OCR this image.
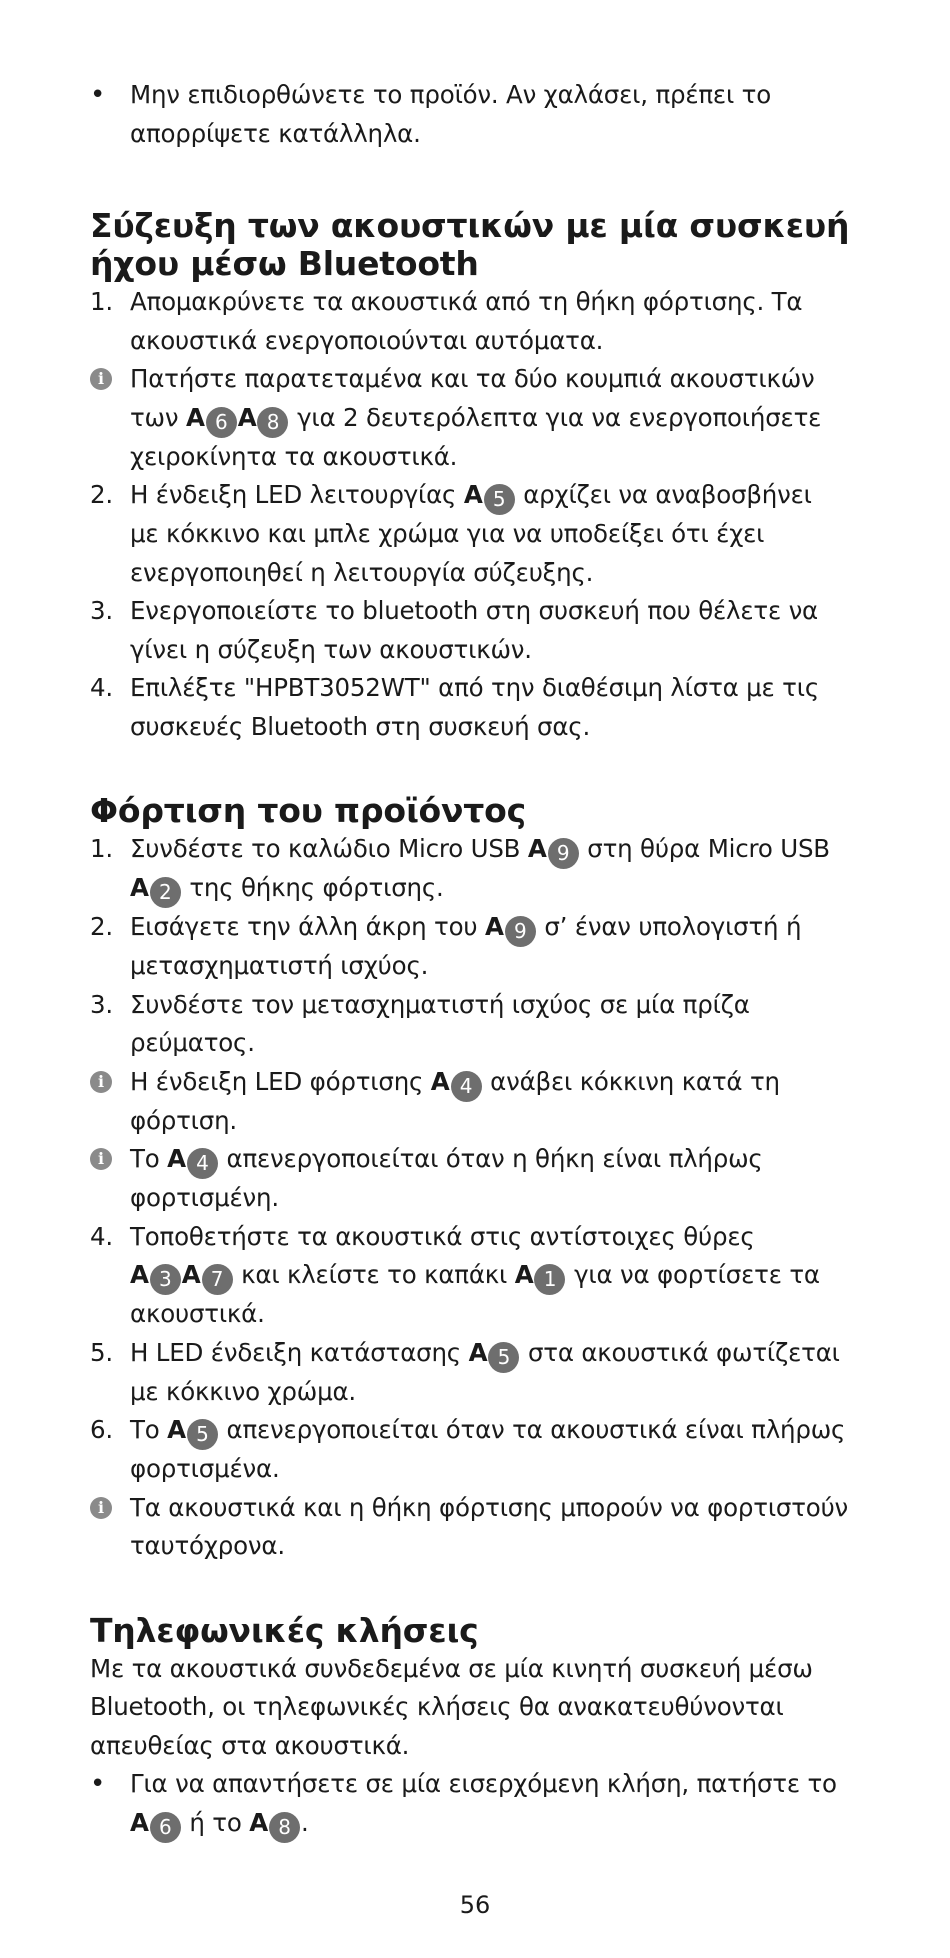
•	Μην επιδιορθώνετε το προϊόν. Αν χαλάσει, πρέπει το
απορρίψετε κατάλληλα.
Σύζευξη των ακουστικών με μία συσκευή
ήχου μέσω Bluetooth
1. Απομακρύνετε τα ακουστικά από τη θήκη φόρτισης. Τα
ακουστικά ενεργοποιούνται αυτόματα.
i	Πατήστε παρατεταμένα και τα δύο κουμπιά ακουστικών
των A 6 A 8 για 2 δευτερόλεπτα για να ενεργοποιήσετε
χειροκίνητα τα ακουστικά.
2. Η ένδειξη LED λειτουργίας A 5 αρχίζει να αναβοσβήνει
με κόκκινο και μπλε χρώμα για να υποδείξει ότι έχει
ενεργοποιηθεί η λειτουργία σύζευξης.
3. Ενεργοποιείστε το bluetooth στη συσκευή που θέλετε να
γίνει η σύζευξη των ακουστικών.
4. Επιλέξτε "HPBT3052WT" από την διαθέσιμη λίστα με τις
συσκευές Bluetooth στη συσκευή σας.
Φόρτιση του προϊόντος
1. Συνδέστε το καλώδιο Micro USB A 9 στη θύρα Micro USB
A 2 της θήκης φόρτισης.
2. Εισάγετε την άλλη άκρη του A 9 σ’ έναν υπολογιστή ή
μετασχηματιστή ισχύος.
3. Συνδέστε τον μετασχηματιστή ισχύος σε μία πρίζα
ρεύματος.
i	Η ένδειξη LED φόρτισης A 4 ανάβει κόκκινη κατά τη
φόρτιση.
i	Το A 4 απενεργοποιείται όταν η θήκη είναι πλήρως
φορτισμένη.
4. Τοποθετήστε τα ακουστικά στις αντίστοιχες θύρες
A 3 A 7 και κλείστε το καπάκι A 1 για να φορτίσετε τα
ακουστικά.
5. Η LED ένδειξη κατάστασης A 5 στα ακουστικά φωτίζεται
με κόκκινο χρώμα.
6. Το A 5 απενεργοποιείται όταν τα ακουστικά είναι πλήρως
φορτισμένα.
i	Τα ακουστικά και η θήκη φόρτισης μπορούν να φορτιστούν
ταυτόχρονα.
Τηλεφωνικές κλήσεις
Με τα ακουστικά συνδεδεμένα σε μία κινητή συσκευή μέσω
Bluetooth, οι τηλεφωνικές κλήσεις θα ανακατευθύνονται
απευθείας στα ακουστικά.
•	Για να απαντήσετε σε μία εισερχόμενη κλήση, πατήστε το
A 6 ή το A 8 .
56
